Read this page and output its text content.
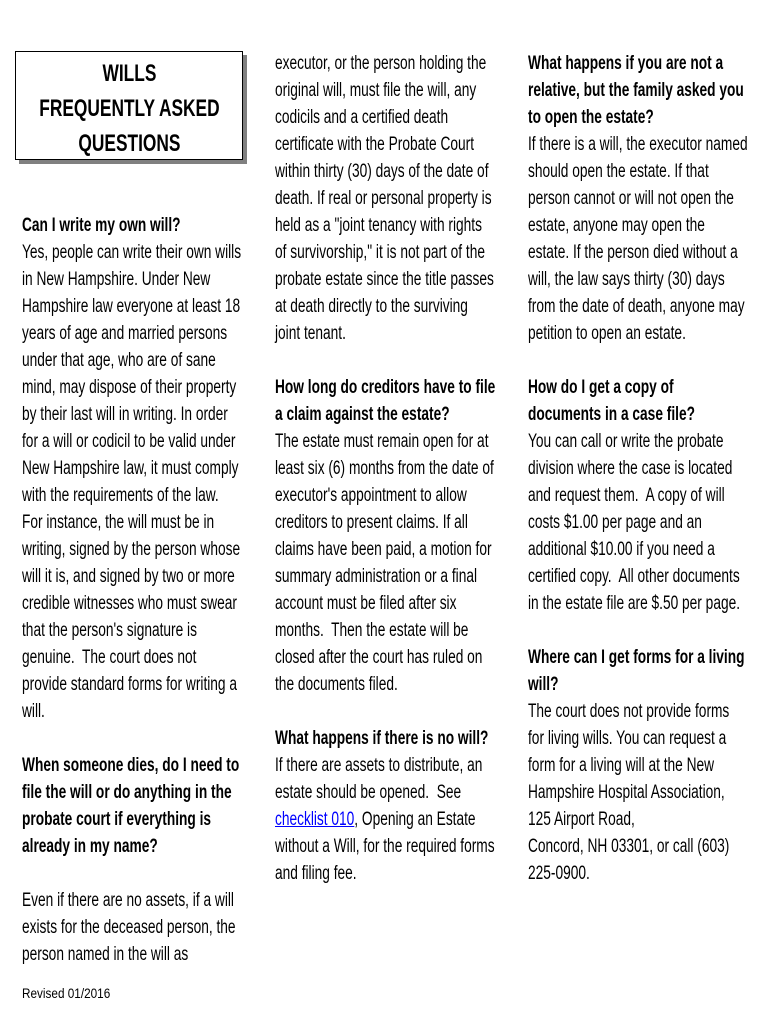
WILLS
FREQUENTLY ASKED
QUESTIONS
Can I write my own will?
Yes, people can write their own wills
in New Hampshire. Under New
Hampshire law everyone at least 18
years of age and married persons
under that age, who are of sane
mind, may dispose of their property
by their last will in writing. In order
for a will or codicil to be valid under
New Hampshire law, it must comply
with the requirements of the law.
For instance, the will must be in
writing, signed by the person whose
will it is, and signed by two or more
credible witnesses who must swear
that the person's signature is
genuine.  The court does not
provide standard forms for writing a
will.
When someone dies, do I need to
file the will or do anything in the
probate court if everything is
already in my name?
Even if there are no assets, if a will
exists for the deceased person, the
person named in the will as
executor, or the person holding the
original will, must file the will, any
codicils and a certified death
certificate with the Probate Court
within thirty (30) days of the date of
death. If real or personal property is
held as a "joint tenancy with rights
of survivorship," it is not part of the
probate estate since the title passes
at death directly to the surviving
joint tenant.
How long do creditors have to file
a claim against the estate?
The estate must remain open for at
least six (6) months from the date of
executor's appointment to allow
creditors to present claims. If all
claims have been paid, a motion for
summary administration or a final
account must be filed after six
months.  Then the estate will be
closed after the court has ruled on
the documents filed.
What happens if there is no will?
If there are assets to distribute, an
estate should be opened.  See
checklist 010, Opening an Estate
without a Will, for the required forms
and filing fee.
What happens if you are not a
relative, but the family asked you
to open the estate?
If there is a will, the executor named
should open the estate. If that
person cannot or will not open the
estate, anyone may open the
estate. If the person died without a
will, the law says thirty (30) days
from the date of death, anyone may
petition to open an estate.
How do I get a copy of
documents in a case file?
You can call or write the probate
division where the case is located
and request them.  A copy of will
costs $1.00 per page and an
additional $10.00 if you need a
certified copy.  All other documents
in the estate file are $.50 per page.
Where can I get forms for a living
will?
The court does not provide forms
for living wills. You can request a
form for a living will at the New
Hampshire Hospital Association,
125 Airport Road,
Concord, NH 03301, or call (603)
225-0900.
Revised 01/2016
